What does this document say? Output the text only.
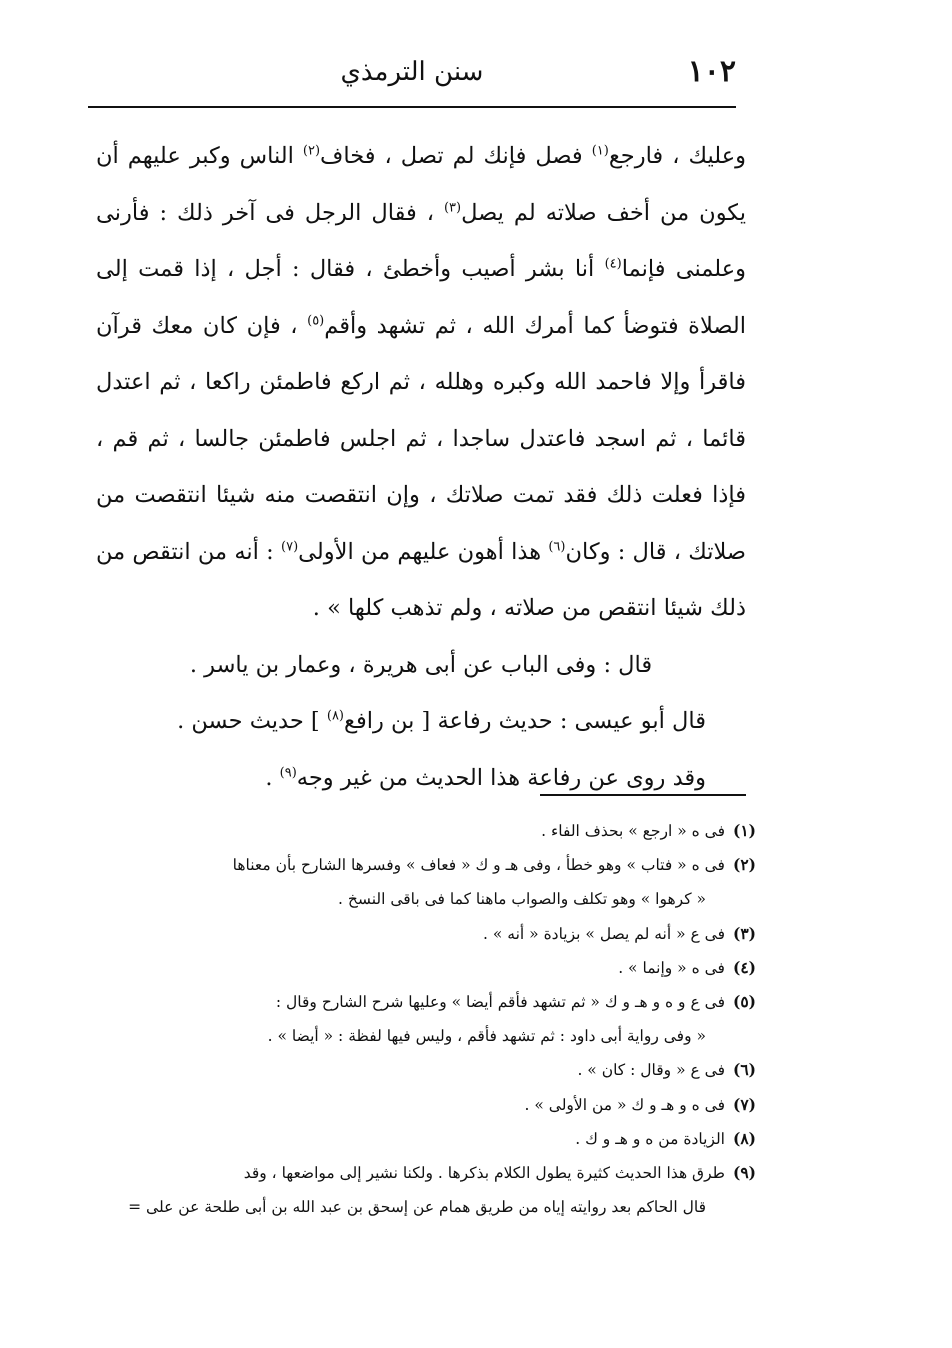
١٠٢
سنن الترمذي

وعليك ، فارجع$^{(١)}$ فصل فإنك لم تصل ، فخاف$^{(٢)}$ الناس وكبر عليهم أن يكون من أخف صلاته لم يصل$^{(٣)}$ ، فقال الرجل فى آخر ذلك : فأرنى وعلمنى فإنما$^{(٤)}$ أنا بشر أصيب وأخطئ ، فقال : أجل ، إذا قمت إلى الصلاة فتوضأ كما أمرك الله ، ثم تشهد وأقم$^{(٥)}$ ، فإن كان معك قرآن فاقرأ وإلا فاحمد الله وكبره وهلله ، ثم اركع فاطمئن راكعا ، ثم اعتدل قائما ، ثم اسجد فاعتدل ساجدا ، ثم اجلس فاطمئن جالسا ، ثم قم ، فإذا فعلت ذلك فقد تمت صلاتك ، وإن انتقصت منه شيئا انتقصت من صلاتك ، قال : وكان$^{(٦)}$ هذا أهون عليهم من الأولى$^{(٧)}$ : أنه من انتقص من ذلك شيئا انتقص من صلاته ، ولم تذهب كلها » .

قال : وفى الباب عن أبى هريرة ، وعمار بن ياسر .

قال أبو عيسى : حديث رفاعة [ بن رافع$^{(٨)}$ ] حديث حسن .

وقد روى عن رفاعة هذا الحديث من غير وجه$^{(٩)}$ .

(١)فى ه « ارجع » بحذف الفاء .

(٢)فى ه « فتاب » وهو خطأ ، وفى هـ و ك « فعاف » وفسرها الشارح بأن معناها

« كرهوا » وهو تكلف والصواب ماهنا كما فى باقى النسخ .

(٣)فى ع « أنه لم يصل » بزيادة « أنه » .

(٤)فى ه « وإنما » .

(٥)فى ع و ه و هـ و ك « ثم تشهد فأقم أيضا » وعليها شرح الشارح وقال :

« وفى رواية أبى داود : ثم تشهد فأقم ، وليس فيها لفظة : « أيضا » .

(٦)فى ع « وقال : كان » .

(٧)فى ه و هـ و ك « من الأولى » .

(٨)الزيادة من ه و هـ و ك .

(٩)طرق هذا الحديث كثيرة يطول الكلام بذكرها . ولكنا نشير إلى مواضعها ، وقد

قال الحاكم بعد روايته إياه من طريق همام عن إسحق بن عبد الله بن أبى طلحة عن على =
